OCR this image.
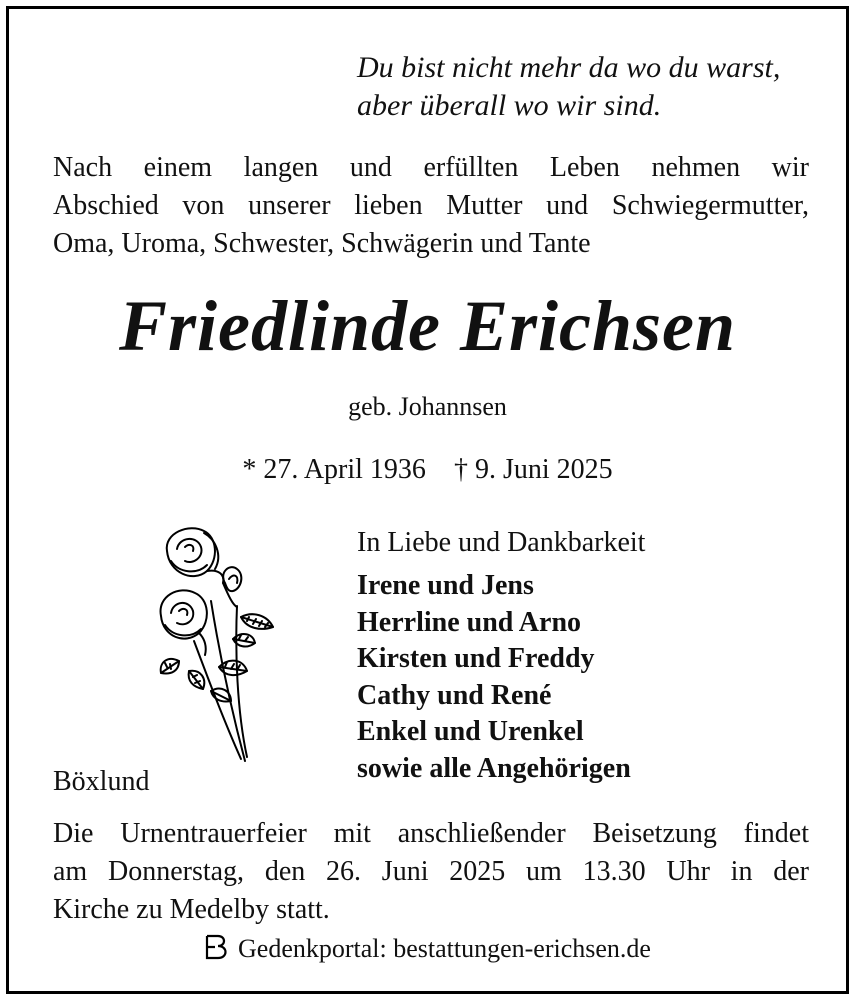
Du bist nicht mehr da wo du warst,
aber überall wo wir sind.
Nach einem langen und erfüllten Leben nehmen wir
Abschied von unserer lieben Mutter und Schwiegermutter,
Oma, Uroma, Schwester, Schwägerin und Tante
Friedlinde Erichsen
geb. Johannsen
* 27. April 1936 † 9. Juni 2025
In Liebe und Dankbarkeit
Irene und Jens
Herrline und Arno
Kirsten und Freddy
Cathy und René
Enkel und Urenkel
sowie alle Angehörigen
Böxlund
Die Urnentrauerfeier mit anschließender Beisetzung findet
am Donnerstag, den 26. Juni 2025 um 13.30 Uhr in der
Kirche zu Medelby statt.
Gedenkportal: bestattungen-erichsen.de
